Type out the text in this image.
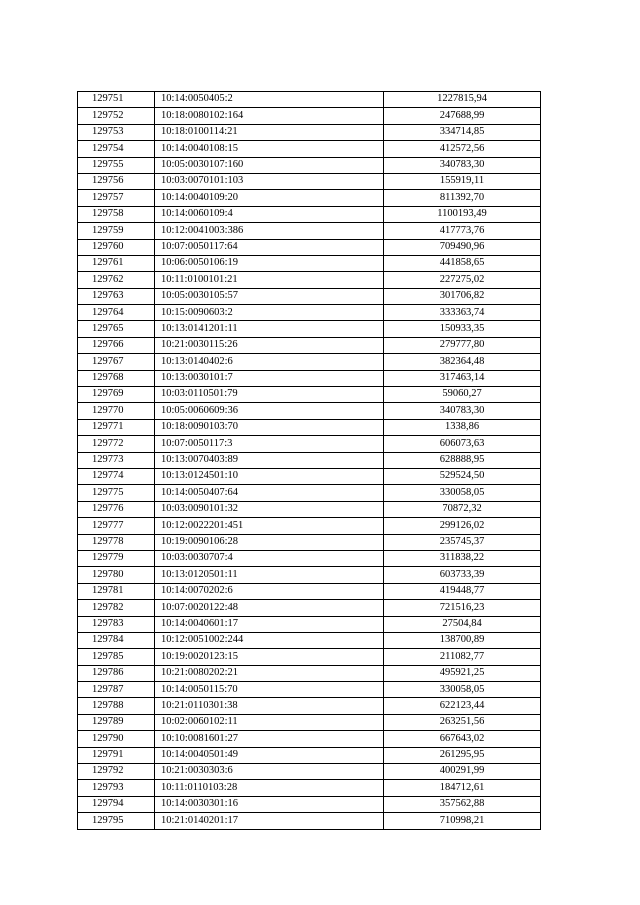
129751	10:14:0050405:2	1227815,94
129752	10:18:0080102:164	247688,99
129753	10:18:0100114:21	334714,85
129754	10:14:0040108:15	412572,56
129755	10:05:0030107:160	340783,30
129756	10:03:0070101:103	155919,11
129757	10:14:0040109:20	811392,70
129758	10:14:0060109:4	1100193,49
129759	10:12:0041003:386	417773,76
129760	10:07:0050117:64	709490,96
129761	10:06:0050106:19	441858,65
129762	10:11:0100101:21	227275,02
129763	10:05:0030105:57	301706,82
129764	10:15:0090603:2	333363,74
129765	10:13:0141201:11	150933,35
129766	10:21:0030115:26	279777,80
129767	10:13:0140402:6	382364,48
129768	10:13:0030101:7	317463,14
129769	10:03:0110501:79	59060,27
129770	10:05:0060609:36	340783,30
129771	10:18:0090103:70	1338,86
129772	10:07:0050117:3	606073,63
129773	10:13:0070403:89	628888,95
129774	10:13:0124501:10	529524,50
129775	10:14:0050407:64	330058,05
129776	10:03:0090101:32	70872,32
129777	10:12:0022201:451	299126,02
129778	10:19:0090106:28	235745,37
129779	10:03:0030707:4	311838,22
129780	10:13:0120501:11	603733,39
129781	10:14:0070202:6	419448,77
129782	10:07:0020122:48	721516,23
129783	10:14:0040601:17	27504,84
129784	10:12:0051002:244	138700,89
129785	10:19:0020123:15	211082,77
129786	10:21:0080202:21	495921,25
129787	10:14:0050115:70	330058,05
129788	10:21:0110301:38	622123,44
129789	10:02:0060102:11	263251,56
129790	10:10:0081601:27	667643,02
129791	10:14:0040501:49	261295,95
129792	10:21:0030303:6	400291,99
129793	10:11:0110103:28	184712,61
129794	10:14:0030301:16	357562,88
129795	10:21:0140201:17	710998,21
